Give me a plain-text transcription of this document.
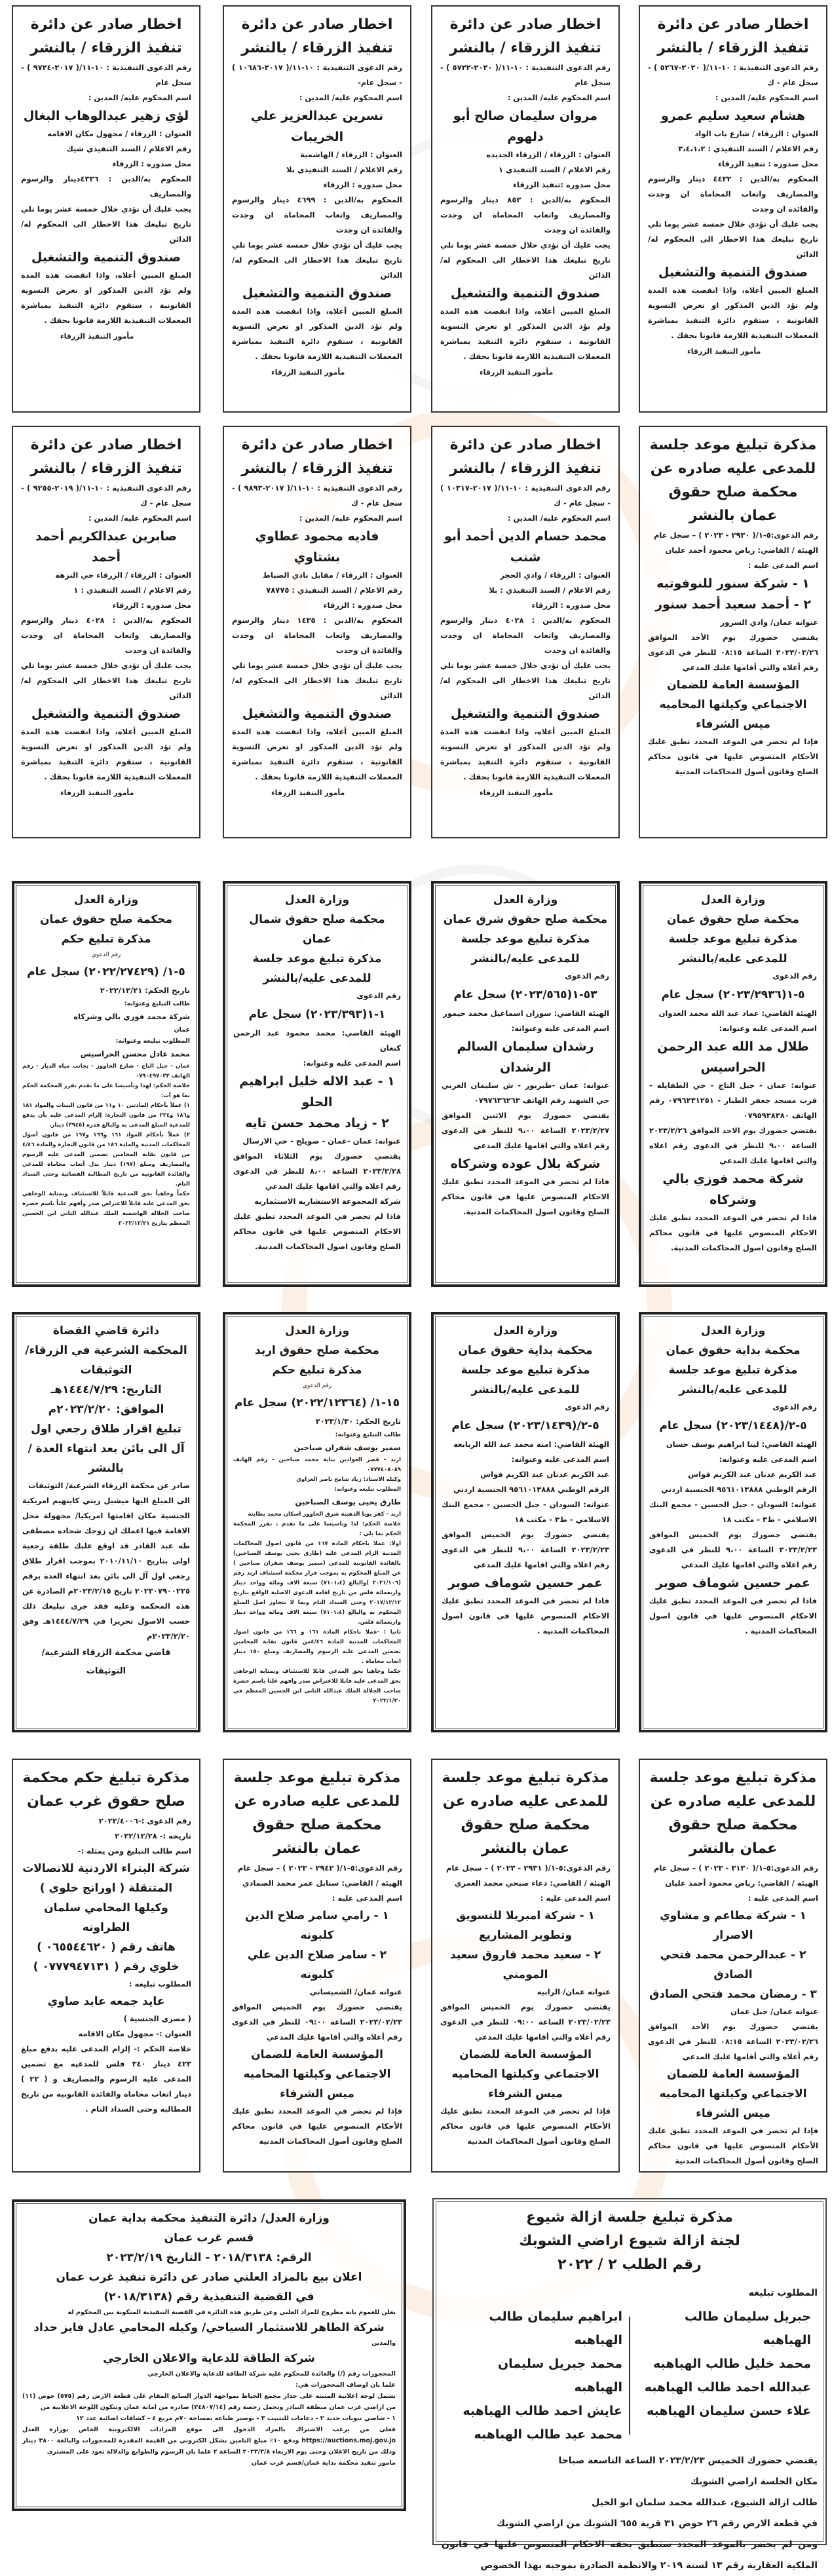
اخطار صادر عن دائرة
تنفيذ الزرقاء / بالنشر
رقم الدعوى التنفيذية : ١٠-١١/( ٢٠٢٠-٥٢٦٧ ) - سجل عام - ك
اسم المحكوم عليه/ المدين :
هشام سعيد سليم عمرو
العنوان : الزرقاء / شارع باب الواد
رقم الاعلام / السند التنفيذي : ٣،٤،١،٢
محل صدوره : تنفيذ الزرقاء
المحكوم به/الدين : ٤٤٣٢ دينار والرسوم والمصاريف واتعاب المحاماة ان وجدت والفائدة ان وجدت
يجب عليك أن تؤدي خلال خمسة عشر يوما تلي تاريخ تبليغك هذا الاخطار الى المحكوم له/ الدائن
صندوق التنمية والتشغيل
المبلغ المبين أعلاه، واذا انقضت هذه المدة ولم تؤد الدين المذكور او تعرض التسوية القانونية ، ستقوم دائرة التنفيذ بمباشرة المعملات التنفيذية اللازمة قانونا بحقك .
مأمور التنفيذ الزرقاء
اخطار صادر عن دائرة
تنفيذ الزرقاء / بالنشر
رقم الدعوى التنفيذية : ١٠-١١/( ٢٠٢٠-٥٧٢٢ ) - سجل عام
اسم المحكوم عليه/ المدين :
مروان سليمان صالح أبو دلهوم
العنوان : الزرقاء / الزرقاء الجديده
رقم الاعلام / السند التنفيذي ١
محل صدوره :تنفيذ الزرقاء
المحكوم به/الدين : ٨٥٣ دينار والرسوم والمصاريف واتعاب المحاماة ان وجدت والفائدة ان وجدت
يجب عليك أن تؤدي خلال خمسة عشر يوما تلي تاريخ تبليغك هذا الاخطار الى المحكوم له/ الدائن
صندوق التنمية والتشغيل
المبلغ المبين أعلاه، واذا انقضت هذه المدة ولم تؤد الدين المذكور او تعرض التسوية القانونية ، ستقوم دائرة التنفيذ بمباشرة المعملات التنفيذية اللازمة قانونا بحقك .
مأمور التنفيذ الزرقاء
اخطار صادر عن دائرة
تنفيذ الزرقاء / بالنشر
رقم الدعوى التنفيذية : ١٠-١١/( ٢٠١٧-١٠٦٨٦ ) - سجل عام-
اسم المحكوم عليه/ المدين :
نسرين عبدالعزيز علي الخريبات
العنوان : الزرقاء / الهاشمية
رقم الاعلام / السند التنفيذي بلا
محل صدوره : الزرقاء
المحكوم به/الدين : ٤٦٩٩ دينار والرسوم والمصاريف واتعاب المحاماة ان وجدت والفائدة ان وجدت
يجب عليك أن تؤدي خلال خمسة عشر يوما تلي تاريخ تبليغك هذا الاخطار الى المحكوم له/ الدائن
صندوق التنمية والتشغيل
المبلغ المبين أعلاه، واذا انقضت هذه المدة ولم تؤد الدين المذكور او تعرض التسوية القانونية ، ستقوم دائرة التنفيذ بمباشرة المعملات التنفيذية اللازمة قانونا بحقك .
مأمور التنفيذ الزرقاء
اخطار صادر عن دائرة
تنفيذ الزرقاء / بالنشر
رقم الدعوى التنفيذية : ١٠-١١/( ٢٠١٧-٩٧٢٤ ) - سجل عام
اسم المحكوم عليه/ المدين :
لؤي زهير عبدالوهاب البغال
العنوان : الزرقاء / مجهول مكان الاقامه
رقم الاعلام / السند التنفيذي شيك
محل صدوره : الزرقاء
المحكوم به/الدين : ٤٣٣٦دينار والرسوم والمصاريف
يجب عليك أن تؤدي خلال خمسة عشر يوما تلي تاريخ تبليغك هذا الاخطار الى المحكوم له/ الدائن
صندوق التنمية والتشغيل
المبلغ المبين أعلاه، واذا انقضت هذه المدة ولم تؤد الدين المذكور او تعرض التسوية القانونية ، ستقوم دائرة التنفيذ بمباشرة المعملات التنفيذية اللازمة قانونا بحقك .
مأمور التنفيذ الزرقاء
مذكرة تبليغ موعد جلسة للمدعى عليه صادره عن محكمة صلح حقوق عمان بالنشر
رقم الدعوى:٥-١/( ٢٩٣٠ - ٢٠٢٣ ) – سجل عام
الهيئة / القاضي: رياض محمود أحمد عليان
اسم المدعى عليه :
١ - شركة سنور للنوفوتيه
٢ - أحمد سعيد أحمد سنور
عنوانه عمان/ وادي السرور
يقتضي حضورك يوم الأحد الموافق ٢٠٢٣/٠٢/٢٦ الساعة ٠٨:١٥ للنظر في الدعوى رقم أعلاه والتي أقامها عليك المدعي
المؤسسة العامة للضمان الاجتماعي وكيلتها المحاميه ميس الشرفاء
فإذا لم تحضر في الموعد المحدد تطبق عليك الأحكام المنصوص عليها في قانون محاكم الصلح وقانون أصول المحاكمات المدنية
اخطار صادر عن دائرة
تنفيذ الزرقاء / بالنشر
رقم الدعوى التنفيذية : ١٠-١١/( ٢٠١٧-١٠٣١٧ ) - سجل عام - ك
اسم المحكوم عليه/ المدين :
محمد حسام الدين أحمد أبو شنب
العنوان : الزرقاء / وادي الحجر
رقم الاعلام / السند التنفيذي : بلا
محل صدوره : الزرقاء
المحكوم به/الدين : ٤٠٢٨ دينار والرسوم والمصاريف واتعاب المحاماة ان وجدت والفائدة ان وجدت
يجب عليك أن تؤدي خلال خمسة عشر يوما تلي تاريخ تبليغك هذا الاخطار الى المحكوم له/ الدائن
صندوق التنمية والتشغيل
المبلغ المبين أعلاه، واذا انقضت هذه المدة ولم تؤد الدين المذكور او تعرض التسوية القانونية ، ستقوم دائرة التنفيذ بمباشرة المعملات التنفيذية اللازمة قانونا بحقك .
مأمور التنفيذ الزرقاء
اخطار صادر عن دائرة
تنفيذ الزرقاء / بالنشر
رقم الدعوى التنفيذية : ١٠-١١/( ٢٠١٧-٩٨٩٣ ) - سجل عام - ك
اسم المحكوم عليه/ المدين :
فاديه محمود عطاوي بشتاوي
العنوان : الزرقاء / مقابل نادي الضباط
رقم الاعلام / السند التنفيذي : ٧٨٧٧٥
محل صدوره : الزرقاء
المحكوم به/الدين : ١٤٣٥ دينار والرسوم والمصاريف واتعاب المحاماة ان وجدت والفائدة ان وجدت
يجب عليك أن تؤدي خلال خمسة عشر يوما تلي تاريخ تبليغك هذا الاخطار الى المحكوم له/ الدائن
صندوق التنمية والتشغيل
المبلغ المبين أعلاه، واذا انقضت هذه المدة ولم تؤد الدين المذكور او تعرض التسوية القانونية ، ستقوم دائرة التنفيذ بمباشرة المعملات التنفيذية اللازمة قانونا بحقك .
مأمور التنفيذ الزرقاء
اخطار صادر عن دائرة
تنفيذ الزرقاء / بالنشر
رقم الدعوى التنفيذية : ١٠-١١/( ٢٠١٩-٩٢٥٥ ) - سجل عام - ك
اسم المحكوم عليه/ المدين :
صابرين عبدالكريم أحمد أحمد
العنوان : الزرقاء / الزرقاء حي النزهه
رقم الاعلام / السند التنفيذي : ١
محل صدوره : الزرقاء
المحكوم به/الدين : ٤٠٢٨ دينار والرسوم والمصاريف واتعاب المحاماة ان وجدت والفائدة ان وجدت
يجب عليك أن تؤدي خلال خمسة عشر يوما تلي تاريخ تبليغك هذا الاخطار الى المحكوم له/ الدائن
صندوق التنمية والتشغيل
المبلغ المبين أعلاه، واذا انقضت هذه المدة ولم تؤد الدين المذكور او تعرض التسوية القانونية ، ستقوم دائرة التنفيذ بمباشرة المعملات التنفيذية اللازمة قانونا بحقك .
مأمور التنفيذ الزرقاء
وزارة العدل
محكمة صلح حقوق عمان
مذكرة تبليغ موعد جلسة للمدعى عليه/بالنشر
رقم الدعوى
٥-١(٢٠٢٣/٢٩٣٦) سجل عام
الهيئة القاضي: عماد عبد الله محمد العدوان
اسم المدعى عليه وعنوانه:
طلال مد الله عبد الرحمن الحراسيس
عنوانه: عمان - جبل التاج - حي الطفايله - قرب مسجد جعفر الطيار - ٠٧٩٦٢٣١٢٥١ رقم الهاتف ٠٧٩٥٩٢٨٢٨٠
يقتضي حضورك يوم الاحد الموافق ٢٠٢٣/٢/٢٦ الساعة ٩،٠٠ للنظر في الدعوى رقم اعلاه والتي اقامها عليك المدعي
شركة محمد فوزي بالي وشركاه
فاذا لم تحضر في الموعد المحدد تطبق عليك الاحكام المنصوص عليها في قانون محاكم الصلح وقانون اصول المحاكمات المدنية.
وزارة العدل
محكمة صلح حقوق شرق عمان
مذكرة تبليغ موعد جلسة للمدعى عليه/بالنشر
رقم الدعوى
٥٣-١(٢٠٢٣/٥٦٥) سجل عام
الهيئة القاضي: سوزان اسماعيل محمد حيمور
اسم المدعى عليه وعنوانه:
رشدان سليمان السالم الرشدان
عنوانه: عمان -طبربور - ش سليمان العربي حي الشهيد رقم الهاتف ٠٧٩٧٦٣٦٢٦٣
يقتضي حضورك يوم الاثنين الموافق ٢٠٢٣/٢/٢٧ الساعة ٩،٠٠ للنظر في الدعوى رقم اعلاه والتي اقامها عليك المدعي
شركة بلال عوده وشركاه
فاذا لم تحضر في الموعد المحدد تطبق عليك الاحكام المنصوص عليها في قانون محاكم الصلح وقانون اصول المحاكمات المدنية.
وزارة العدل
محكمة صلح حقوق شمال عمان
مذكرة تبليغ موعد جلسة للمدعى عليه/بالنشر
رقم الدعوى
١-١(٢٠٢٣/٣٩٣) سجل عام
الهيئة القاضي: محمد محمود عبد الرحمن كنعان
اسم المدعى عليه وعنوانه:
١ - عبد الاله خليل ابراهيم الحلو
٢ - زياد محمد حسن تايه
عنوانه: عمان -عمان - صويلح - حي الارسال
يقتضي حضورك يوم الثلاثاء الموافق ٢٠٢٣/٢/٢٨ الساعة ٨،٠٠ للنظر في الدعوى رقم اعلاه والتي اقامها عليك المدعي
شركة المجموعة الاستشاريه الاستثماريه
فاذا لم تحضر في الموعد المحدد تطبق عليك الاحكام المنصوص عليها في قانون محاكم الصلح وقانون اصول المحاكمات المدنية.
وزارة العدل
محكمة صلح حقوق عمان
مذكرة تبليغ حكم
رقم الدعوى
٥-١/ (٢٠٢٢/٢٧٤٢٩) سجل عام
تاريخ الحكم: ٢٠٢٢/١٢/٢١
طالب التبليغ وعنوانه:
شركة محمد فوزي بالي وشركاه
عمان
المطلوب تبليغه وعنوانه:
محمد عادل محسن الحراسيس
عمان - جبل التاج - شارع الحاووز - بجانب مياه الديار - رقم الهاتف ٠٧٩٠٤٩٧٠٢٢
خلاصة الحكم: لهذا وتأسيسا على ما تقدم تقرر المحكمة الحكم بما هو آت:
١) عملاً بأحكام المادتين ١٠ و١١ من قانون البينات والمواد ١٨١ و١٨٦ و٢٢٤ من قانون التجارة: إلزام المدعى عليه بأن يدفع للمدعية المبلغ المدعى به والبالغ قدره (٣٩٤٥) دينار.
٢) عملاً بأحكام المواد ١٦١ و١٦٦ و١٦٧ من قانون أصول المحاكمات المدنية والمادة ١٨٦ من قانون التجارة والمادة ٤/٤٦ من قانون نقابة المحامين تضمين المدعى عليه الرسوم والمصاريف ومبلغ (١٩٧) دينار بدل أتعاب محاماة للمدعي والفائدة القانونية من تاريخ المطالبة القضائية وحتى السداد التام.
حكماً وجاهياً بحق المدعية قابلاً للاستئناف وبمثابة الوجاهي بحق المدعى عليه قابلاً للاعتراض صدر وأفهم علناً باسم حضرة صاحب الجلالة الهاشمية الملك عبدالله الثاني ابن الحسين المعظم بتاريخ ٢٠٢٢/١٢/٢١
وزارة العدل
محكمة بداية حقوق عمان
مذكرة تبليغ موعد جلسة للمدعى عليه/بالنشر
رقم الدعوى
٥-٢/(٢٠٢٣/١٤٤٨) سجل عام
الهيئة القاضي: لينا ابراهيم يوسف حسان
اسم المدعى عليه وعنوانه:
عبد الكريم عدنان عبد الكريم قواس
الرقم الوطني ٩٥٦١٠١٣٨٨٨ الجنسية اردني
عنوانه: السودان - جبل الحسين - مجمع البنك الاسلامي - ط٣ - مكتب ١٨
يقتضي حضورك يوم الخميس الموافق ٢٠٢٣/٢/٢٣ الساعة ٩،٠٠ للنظر في الدعوى رقم اعلاه والتي اقامها عليك المدعي
عمر حسين شوماف صوبر
فاذا لم تحضر في الموعد المحدد تطبق عليك الاحكام المنصوص عليها في قانون اصول المحاكمات المدنية .
وزارة العدل
محكمة بداية حقوق عمان
مذكرة تبليغ موعد جلسة للمدعى عليه/بالنشر
رقم الدعوى
٥-٢/(٢٠٢٣/١٤٣٩) سجل عام
الهيئة القاضي: امنه محمد عبد الله الربابعه
اسم المدعى عليه وعنوانه:
عبد الكريم عدنان عبد الكريم قواس
الرقم الوطني ٩٥٦١٠١٣٨٨٨ الجنسية اردني
عنوانه: السودان - جبل الحسين - مجمع البنك الاسلامي - ط٣ - مكتب ١٨
يقتضي حضورك يوم الخميس الموافق ٢٠٢٣/٢/٢٣ الساعة ٩،٠٠ للنظر في الدعوى رقم اعلاه والتي اقامها عليك المدعي
عمر حسين شوماف صوبر
فاذا لم تحضر في الموعد المحدد تطبق عليك الاحكام المنصوص عليها في قانون اصول المحاكمات المدنية .
وزارة العدل
محكمة صلح حقوق اربد
مذكرة تبليغ حكم
رقم الدعوى
١٥-١/ (٢٠٢٢/١٢٣٦٤) سجل عام
تاريخ الحكم: ٢٠٢٣/١/٣٠
طالب التبليغ وعنوانه:
سمير يوسف شقران صباحين
اربد - قصر العوادين بناية محمد صباحين - رقم الهاتف ٠٧٧٧٤٠٨٠٨٩
وكيله الاستاذ: زياد شامخ ناصر الغزاوي
المطلوب تبليغه وعنوانه:
طارق يحيى يوسف الصباحين
اربد - كفر يوبا الذهبية شرق الحاووز اسكان محمد بطاينة
خلاصة الحكم: لذا وتاسيسا على ما تقدم ، تقرر المحكمة الحكم بما يلي :
اولا: عملا باحكام المادة ١٦٧ من قانون اصول المحاكمات المدنية الزام المدعى عليه (طارق يحيى يوسف الصباحين) بالفائدة القانونية للمدعي (سمير يوسف شقران صباحين ) عن المبلغ المحكوم به بموجب قرار محكمة استئناف اربد رقم (٢٠٢١/١٠٦ )والبالغ (٧١٠١،٤) سبعة الاف ومائة وواحد دينار واربعمائة فلس من تاريخ اقامة الدعوى الاصلية الواقع بتاريخ ٢٠١٧/١٢/١٢ وحتى السداد التام وبما لا يتجاوز اصل المبلغ المحكوم به والبالغ (٧١٠١،٤) سبعة الاف ومائة وواحد دينار واربعمائة فلس.
ثانيا : -عملا باحكام المادة ١٦١ و ١٦٦ من قانون اصول المحاكمات المدنية المادة ٤/٤٦من قانون نقابة المحامين تضمين المدعى عليه الرسوم والمصاريف ومبلغ ١٥٠ دينار اتعاب محاماة .
حكما وجاهيا بحق المدعي قابلا للاستئناف وبمثابة الوجاهي بحق المدعى عليه قابلا للاعتراض صدر وافهم علنا باسم حضرة صاحب الجلالة الملك عبدالله الثاني ابن الحسين المعظم في ٢٠٢٢/١/٣٠
دائرة قاضي القضاة
المحكمة الشرعية في الزرقاء/ التوثيقات
التاريخ: ١٤٤٤/٧/٢٩هـ
الموافق: ٢٠٢٣/٢/٢٠م
تبليغ اقرار طلاق رجعي اول آل الى بائن بعد انتهاء العدة /بالنشر
صادر عن محكمة الزرقاء الشرعية/ التوثيقات
الى المبلغ اليها ميشيل ريني كاينهيم امريكية الجنسية مكان اقامتها امريكيا/ مجهولة محل الاقامة فيها اعملك ان زوجك شحاده مصطفى طه عبد القادر قد اوقع عليك طلقة رجعية اولى بتاريخ ٢٠١٠/١١/١٠ بموجب اقرار طلاق رجعي اول آل الى بائن بعد انتهاء العدة برقم ٢٠٢٣٠٧٩٠٠٢٢٥ تاريخ ٢٠٢٣/٢/١٥م الصادرة عن هذه المحكمة وعليه فقد جرى تبليغك ذلك حسب الاصول تحريرا في ١٤٤٤/٧/٢٩هـ وفق ٢٠٢٣/٢/٢٠م
قاضي محكمة الزرقاء الشرعية/ التوثيقات
مذكرة تبليغ موعد جلسة للمدعى عليه صادره عن محكمة صلح حقوق عمان بالنشر
رقم الدعوى:٥-١/( ٣١٣٠ - ٢٠٢٣ ) – سجل عام
الهيئة / القاضي: رياض محمود أحمد عليان
اسم المدعى عليه :
١ - شركة مطاعم و مشاوي الاصرار
٢ - عبدالرحمن محمد فتحي الصادق
٣ - رمضان محمد فتحي الصادق
عنوانه عمان/ جبل عمان
يقتضي حضورك يوم الأحد الموافق ٢٠٢٣/٠٢/٢٦ الساعة ٠٨:١٥ للنظر في الدعوى رقم أعلاه والتي أقامها عليك المدعي
المؤسسة العامة للضمان الاجتماعي وكيلتها المحاميه ميس الشرفاء
فإذا لم تحضر في الموعد المحدد تطبق عليك الأحكام المنصوص عليها في قانون محاكم الصلح وقانون أصول المحاكمات المدنية
مذكرة تبليغ موعد جلسة للمدعى عليه صادره عن محكمة صلح حقوق عمان بالنشر
رقم الدعوى:٥-١/( ٢٩٣١ - ٢٠٢٣ ) – سجل عام
الهيئة / القاضي: دعاء صبحي محمد العمري
اسم المدعى عليه :
١ - شركة امبريلا للتسويق وتطوير المشاريع
٢ - سعيد محمد فاروق سعيد المومني
عنوانه عمان/ الرابيه
يقتضي حضورك يوم الخميس الموافق ٢٠٢٣/٠٢/٢٣ الساعة ٠٩:٠٠ للنظر في الدعوى رقم أعلاه والتي أقامها عليك المدعي
المؤسسة العامة للضمان الاجتماعي وكيلتها المحاميه ميس الشرفاء
فإذا لم تحضر في الموعد المحدد تطبق عليك الأحكام المنصوص عليها في قانون محاكم الصلح وقانون أصول المحاكمات المدنية
مذكرة تبليغ موعد جلسة للمدعى عليه صادره عن محكمة صلح حقوق عمان بالنشر
رقم الدعوى:٥-١/( ٢٩٤٢ - ٢٠٢٣ ) – سجل عام
الهيئة / القاضي: سنابل عمر محمد الصمادي
اسم المدعى عليه :
١ - رامي سامر صلاح الدين كلبونه
٢ - سامر صلاح الدين علي كلبونه
عنوانه عمان/ الشميساني
يقتضي حضورك يوم الخميس الموافق ٢٠٢٣/٠٢/٢٣ الساعة ٠٩:٠٠ للنظر في الدعوى رقم أعلاه والتي أقامها عليك المدعي
المؤسسة العامة للضمان الاجتماعي وكيلتها المحاميه ميس الشرفاء
فإذا لم تحضر في الموعد المحدد تطبق عليك الأحكام المنصوص عليها في قانون محاكم الصلح وقانون أصول المحاكمات المدنية
مذكرة تبليغ حكم محكمة صلح حقوق غرب عمان
رقم الدعوى :-٢٠٢٢/٤٠٠٦
تاريخه :- ٢٠٢٢/١٢/٢٨
اسم طالب التبليغ ومن يمثله :-
شركة البتراء الاردنية للاتصالات المتنقلة ( اورانج خلوي )
وكيلها المحامي سلمان الطراونه
هاتف رقم ( ٠٦٥٥٤٤٦٢٠ )
خلوي رقم ( ٠٧٧٧٩٤٧١٣١ )
المطلوب تبليغه :
عايد جمعه عابد صاوي
( مصري الجنسية )
العنوان :- مجهول مكان الاقامه
خلاصة الحكم :- إلزام المدعى عليه بدفع مبلغ ٤٢٣ دينار ٣٤٠ فلس للمدعيه مع تضمين المدعى عليه الرسوم والمصاريف و ( ٢٢ ) دينار اتعاب محاماة والفائدة القانونيه من تاريخ المطالبه وحتى السداد التام .
وزارة العدل/ دائرة التنفيذ محكمة بداية عمان
قسم غرب عمان
الرقم: ٢٠١٨/٣١٣٨ - التاريخ ٢٠٢٣/٢/١٩
اعلان بيع بالمزاد العلني صادر عن دائرة تنفيذ غرب عمان
في القضية التنفيذية رقم (٢٠١٨/٣١٣٨)
يعلن للعموم بانه مطروح للمزاد العلني وعن طريق هذه الدائرة في القضية التنفيذية المتكونة بين المحكوم له
شركة الطاهر للاستثمار السياحي/ وكيله المحامي عادل فايز حداد
والمدين
شركة الطاقة للدعاية والاعلان الخارجي
المحجوزات رقم (/) والعائدة للمحكوم عليه شركة الطاقة للدعاية والاعلان الخارجي
علما بان اوصاف المحجوزات هي:
تشمل لوحة اعلانية المثبته على جدار مجمع الخياط بمواجهة الدوار السابع المقام على قطعة الارض رقم (٥٧٥) حوض (١١) من اراضي غرب عمان منطقة البيادر وتحمل رخصة رقم (٣٤٨٠٧/١٤) صادره من امانة عمان وتتكون اللوحة الاعلانية من
١ - شاصي تيوبات حديد ٢ - دعامات للتثبيت ٣ - بوستر طباعه بمساحة ٧٠م مربع ٤ - كشافات اضائية عدد ١٢
فعلى من يرغب الاشتراك بالمزاد الدخول الى موقع المزادات الالكترونية الخاص بوزارة العدل https://auctions.moj.gov.jo ودفع ١٠٪ مبلغ التامين بشكل الكتروني من القيمة المقدرة للمحجوزات والبالغة ٣٨٠٠ دينار وذلك من تاريخ الاعلان وحتى يوم الاربعاء ٢٠٢٣/٣/٨ الساعة ٢ علما بان الرسوم والطوابع والدلالة تعود على المشتري
مامور تنفيذ محكمة بداية عمان/قسم غرب عمان
مذكرة تبليغ جلسة ازالة شيوع
لجنة ازالة شيوع اراضي الشوبك
رقم الطلب ٢ / ٢٠٢٢
المطلوب تبليغه
جبريل سليمان طالب الهباهبه
محمد خليل طالب الهباهبه
عبدالله احمد طالب الهباهبه
علاء حسن سليمان الهباهبه
ابراهيم سليمان طالب الهباهبه
محمد جبريل سليمان الهباهبه
عايش احمد طالب الهباهبه
محمد عيد طالب الهباهبه
يقتضي حضورك الخميس ٢٠٢٣/٢/٢٣ الساعة التاسعة صباحا
مكان الجلسة اراضي الشوبك
طالب ازالة الشيوع، عبدالله محمد سلمان ابو الخيل
في قطعة الارض رقم ٢٦ حوض ٣١ قرية ٦٥٥ الشوبك من اراضي الشوبك
ومن لم يحضر بالموعد المحدد ستطبق بحقه الاحكام المنصوص عليها في قانون الملكية العقارية رقم ١٣ لسنة ٢٠١٩ والانظمة الصادرة بموجبه بهذا الخصوص
